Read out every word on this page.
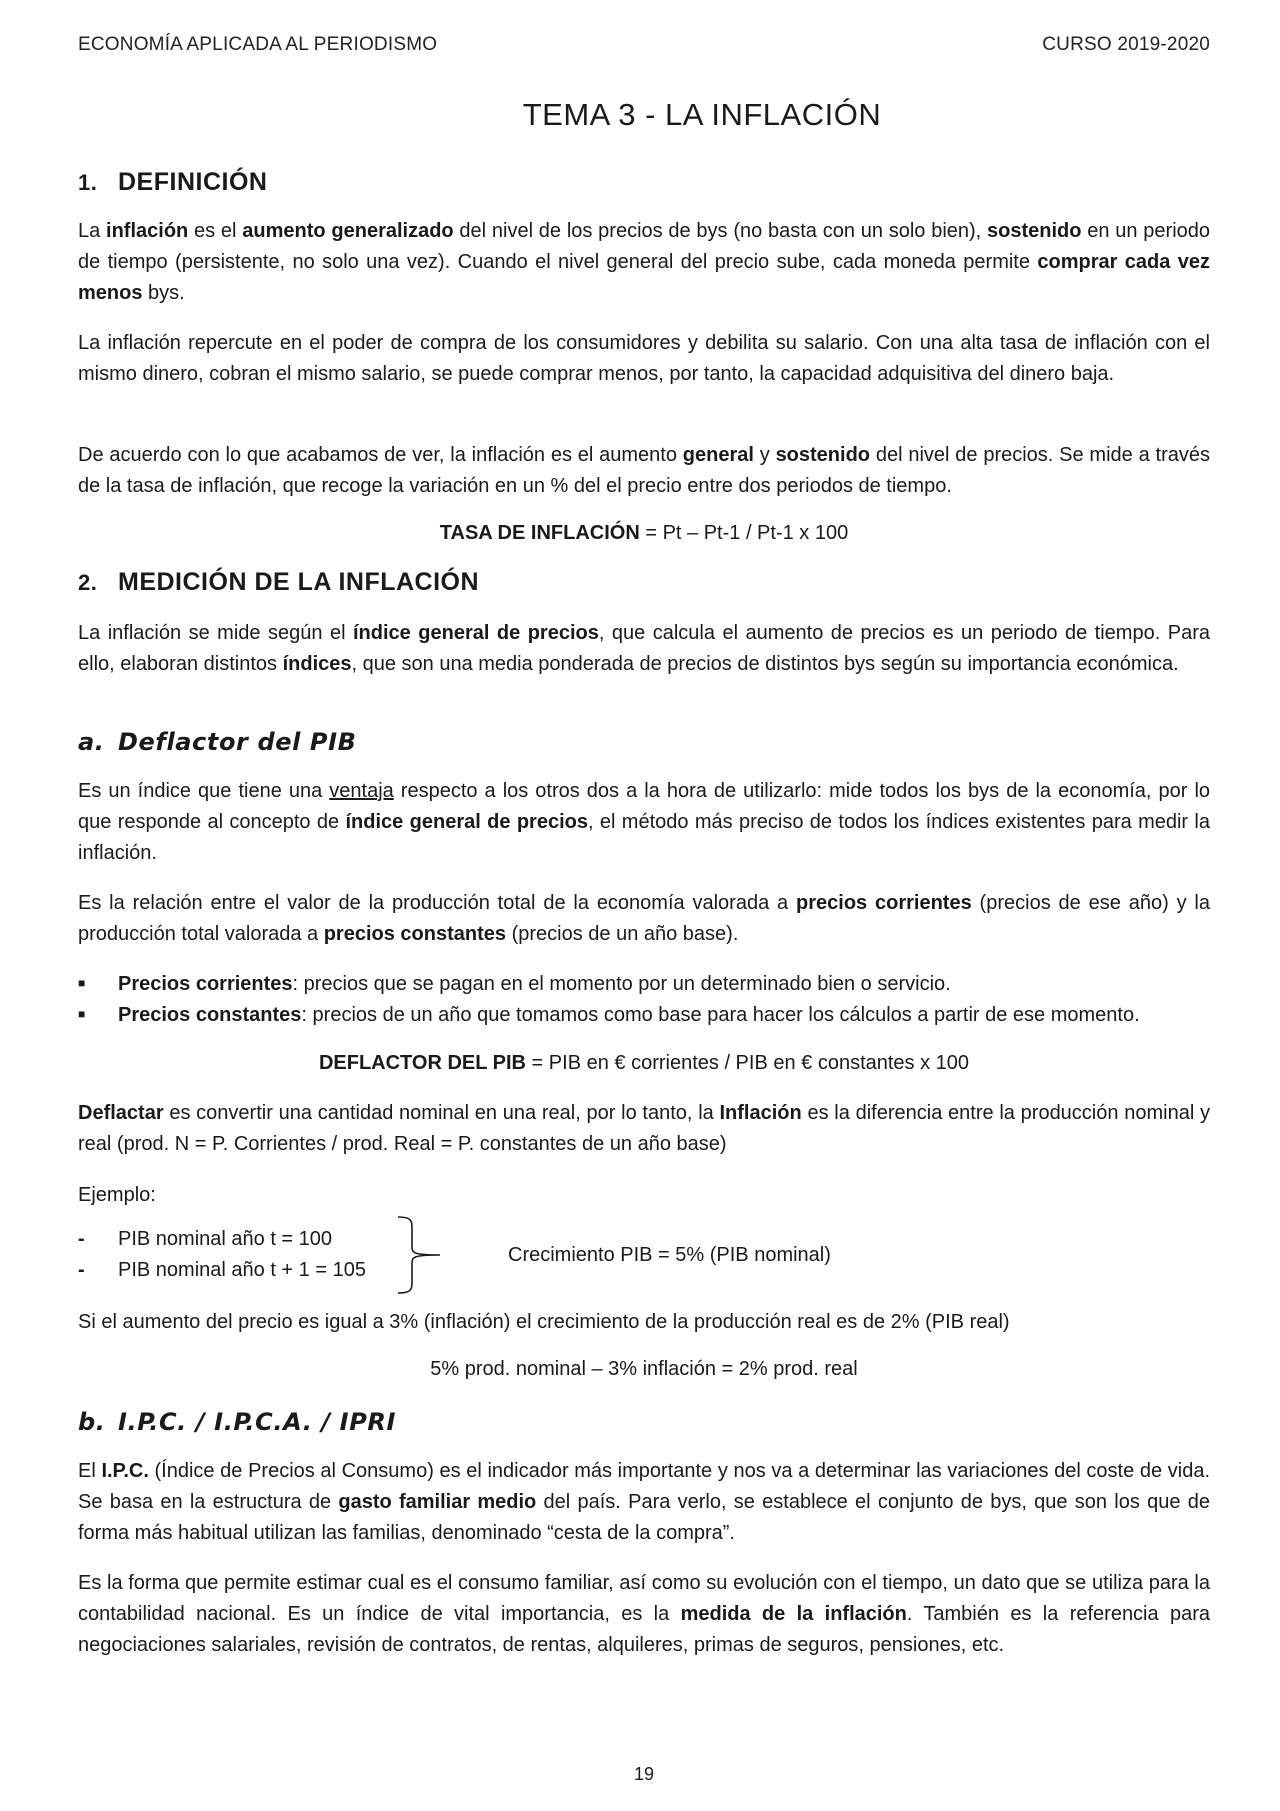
ECONOMÍA APLICADA AL PERIODISMO	CURSO 2019-2020
TEMA 3 - LA INFLACIÓN
1. DEFINICIÓN
La inflación es el aumento generalizado del nivel de los precios de bys (no basta con un solo bien), sostenido en un periodo de tiempo (persistente, no solo una vez). Cuando el nivel general del precio sube, cada moneda permite comprar cada vez menos bys.
La inflación repercute en el poder de compra de los consumidores y debilita su salario. Con una alta tasa de inflación con el mismo dinero, cobran el mismo salario, se puede comprar menos, por tanto, la capacidad adquisitiva del dinero baja.
De acuerdo con lo que acabamos de ver, la inflación es el aumento general y sostenido del nivel de precios. Se mide a través de la tasa de inflación, que recoge la variación en un % del el precio entre dos periodos de tiempo.
TASA DE INFLACIÓN = Pt – Pt-1 / Pt-1 x 100
2. MEDICIÓN DE LA INFLACIÓN
La inflación se mide según el índice general de precios, que calcula el aumento de precios es un periodo de tiempo. Para ello, elaboran distintos índices, que son una media ponderada de precios de distintos bys según su importancia económica.
a. Deflactor del PIB
Es un índice que tiene una ventaja respecto a los otros dos a la hora de utilizarlo: mide todos los bys de la economía, por lo que responde al concepto de índice general de precios, el método más preciso de todos los índices existentes para medir la inflación.
Es la relación entre el valor de la producción total de la economía valorada a precios corrientes (precios de ese año) y la producción total valorada a precios constantes (precios de un año base).
■ Precios corrientes: precios que se pagan en el momento por un determinado bien o servicio.
■ Precios constantes: precios de un año que tomamos como base para hacer los cálculos a partir de ese momento.
DEFLACTOR DEL PIB = PIB en € corrientes / PIB en € constantes x 100
Deflactar es convertir una cantidad nominal en una real, por lo tanto, la Inflación es la diferencia entre la producción nominal y real (prod. N = P. Corrientes / prod. Real = P. constantes de un año base)
Ejemplo:
- PIB nominal año t = 100
- PIB nominal año t + 1 = 105
Crecimiento PIB = 5% (PIB nominal)
Si el aumento del precio es igual a 3% (inflación) el crecimiento de la producción real es de 2% (PIB real)
5% prod. nominal – 3% inflación = 2% prod. real
b. I.P.C. / I.P.C.A. / IPRI
El I.P.C. (Índice de Precios al Consumo) es el indicador más importante y nos va a determinar las variaciones del coste de vida. Se basa en la estructura de gasto familiar medio del país. Para verlo, se establece el conjunto de bys, que son los que de forma más habitual utilizan las familias, denominado “cesta de la compra”.
Es la forma que permite estimar cual es el consumo familiar, así como su evolución con el tiempo, un dato que se utiliza para la contabilidad nacional. Es un índice de vital importancia, es la medida de la inflación. También es la referencia para negociaciones salariales, revisión de contratos, de rentas, alquileres, primas de seguros, pensiones, etc.
19
